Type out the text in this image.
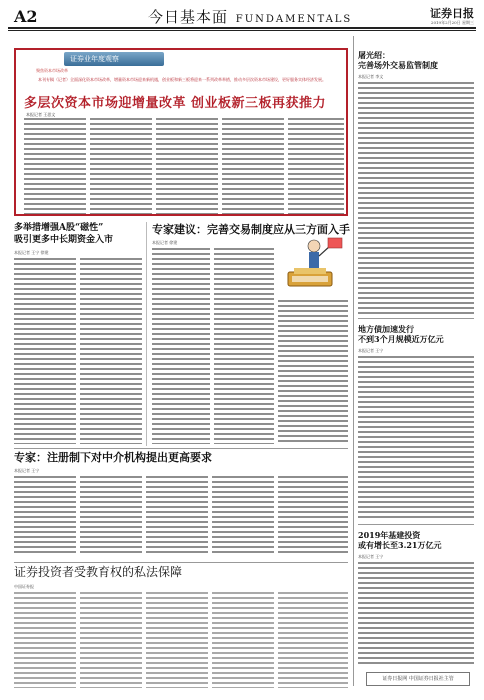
A2	今日基本面 FUNDAMENTALS	证券日报
2019年2月20日 星期三
证券业年度观察
聚焦资本市场改革
本刊专稿（记者）全面深化资本市场改革，增量资本市场迎来新机遇，创业板和新三板将迎来一系列改革举措，推动多层次资本市场建设，更好服务实体经济发展。
多层次资本市场迎增量改革 创业板新三板再获推力
本报记者 王思文
屠光绍：
完善场外交易监管制度
本报记者 李文
地方债加速发行
不到3个月规模近万亿元
本报记者 王宁
2019年基建投资
或有增长至3.21万亿元
本报记者 王宁
证券日报网 中国证券日报社主管
多举措增强A股“磁性”
吸引更多中长期资金入市
本报记者 王宁 徐建
专家建议：完善交易制度应从三方面入手
本报记者 徐建
专家：注册制下对中介机构提出更高要求
本报记者 王宁
证券投资者受教育权的私法保障
中国证券报
